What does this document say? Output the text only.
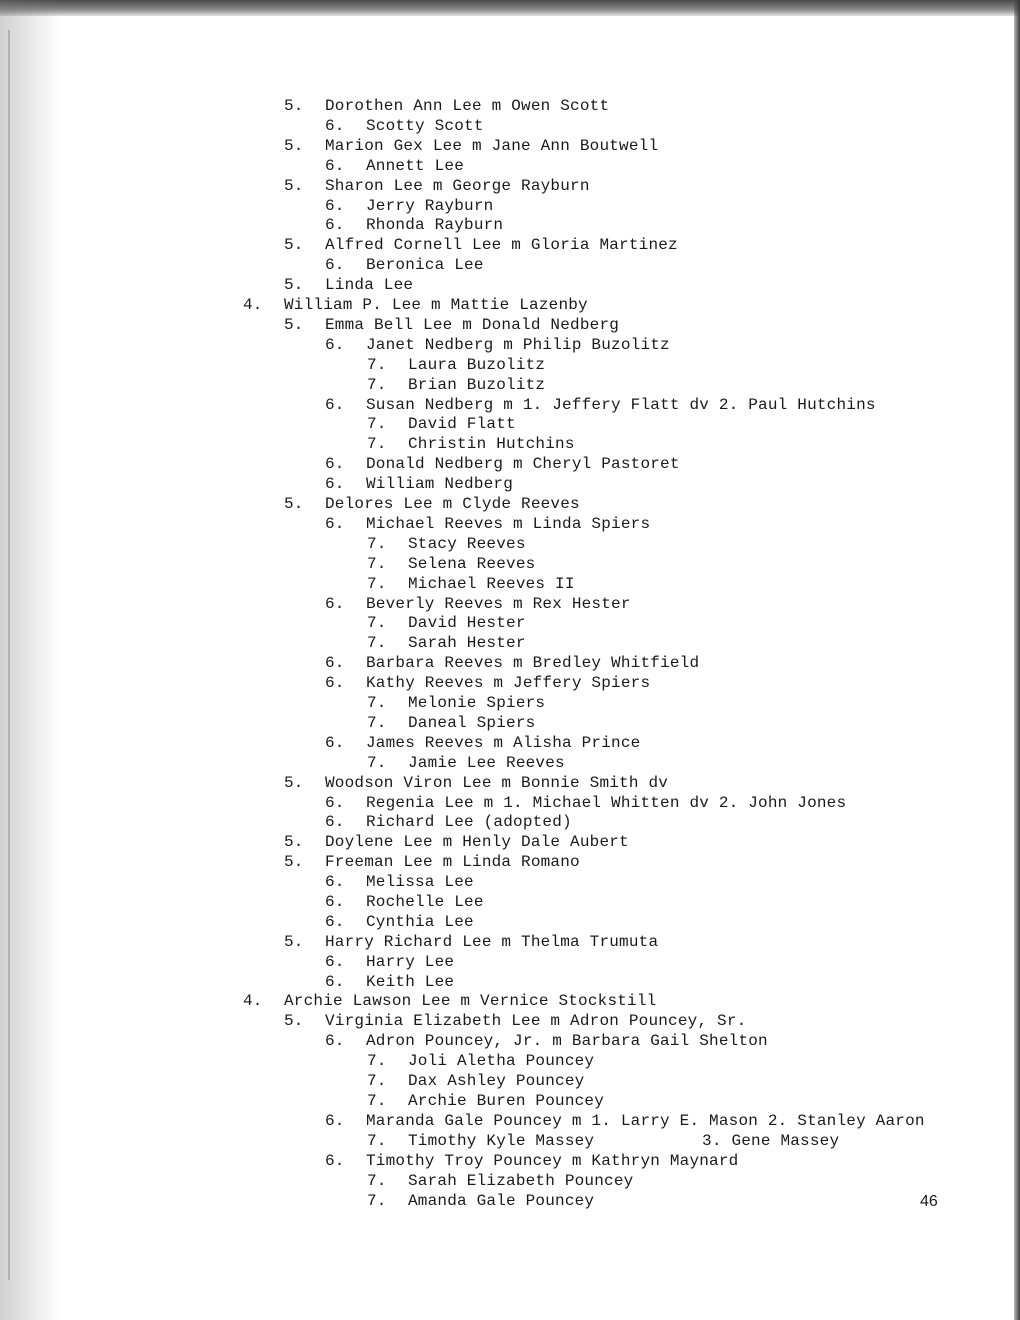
5. Dorothen Ann Lee m Owen Scott
6. Scotty Scott
5. Marion Gex Lee m Jane Ann Boutwell
6. Annett Lee
5. Sharon Lee m George Rayburn
6. Jerry Rayburn
6. Rhonda Rayburn
5. Alfred Cornell Lee m Gloria Martinez
6. Beronica Lee
5. Linda Lee
4. William P. Lee m Mattie Lazenby
5. Emma Bell Lee m Donald Nedberg
6. Janet Nedberg m Philip Buzolitz
7. Laura Buzolitz
7. Brian Buzolitz
6. Susan Nedberg m 1. Jeffery Flatt dv 2. Paul Hutchins
7. David Flatt
7. Christin Hutchins
6. Donald Nedberg m Cheryl Pastoret
6. William Nedberg
5. Delores Lee m Clyde Reeves
6. Michael Reeves m Linda Spiers
7. Stacy Reeves
7. Selena Reeves
7. Michael Reeves II
6. Beverly Reeves m Rex Hester
7. David Hester
7. Sarah Hester
6. Barbara Reeves m Bredley Whitfield
6. Kathy Reeves m Jeffery Spiers
7. Melonie Spiers
7. Daneal Spiers
6. James Reeves m Alisha Prince
7. Jamie Lee Reeves
5. Woodson Viron Lee m Bonnie Smith dv
6. Regenia Lee m 1. Michael Whitten dv 2. John Jones
6. Richard Lee (adopted)
5. Doylene Lee m Henly Dale Aubert
5. Freeman Lee m Linda Romano
6. Melissa Lee
6. Rochelle Lee
6. Cynthia Lee
5. Harry Richard Lee m Thelma Trumuta
6. Harry Lee
6. Keith Lee
4. Archie Lawson Lee m Vernice Stockstill
5. Virginia Elizabeth Lee m Adron Pouncey, Sr.
6. Adron Pouncey, Jr. m Barbara Gail Shelton
7. Joli Aletha Pouncey
7. Dax Ashley Pouncey
7. Archie Buren Pouncey
6. Maranda Gale Pouncey m 1. Larry E. Mason 2. Stanley Aaron
7. Timothy Kyle Massey           3. Gene Massey
6. Timothy Troy Pouncey m Kathryn Maynard
7. Sarah Elizabeth Pouncey
7. Amanda Gale Pouncey	46
